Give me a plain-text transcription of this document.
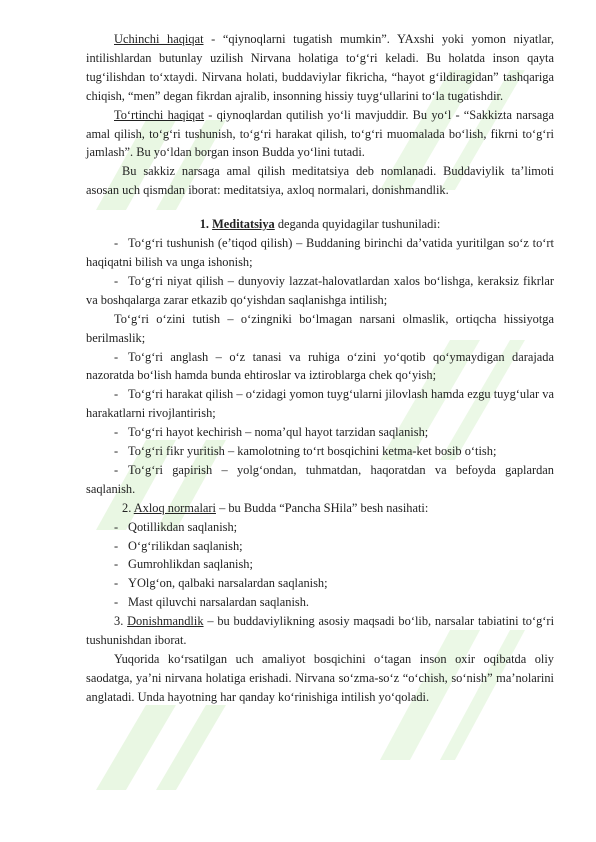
Uchinchi haqiqat - “qiynoqlarni tugatish mumkin”. YAxshi yoki yomon niyatlar, intilishlardan butunlay uzilish Nirvana holatiga to‘g‘ri keladi. Bu holatda inson qayta tug‘ilishdan to‘xtaydi. Nirvana holati, buddaviylar fikricha, “hayot g‘ildiragidan” tashqariga chiqish, “men” degan fikrdan ajralib, insonning hissiy tuyg‘ullarini to‘la tugatishdir.

To‘rtinchi haqiqat - qiynoqlardan qutilish yo‘li mavjuddir. Bu yo‘l - “Sakkizta narsaga amal qilish, to‘g‘ri tushunish, to‘g‘ri harakat qilish, to‘g‘ri muomalada bo‘lish, fikrni to‘g‘ri jamlash”. Bu yo‘ldan borgan inson Budda yo‘lini tutadi.

Bu sakkiz narsaga amal qilish meditatsiya deb nomlanadi. Buddaviylik ta’limoti asosan uch qismdan iborat: meditatsiya, axloq normalari, donishmandlik.

1. Meditatsiya deganda quyidagilar tushuniladi:

- To‘g‘ri tushunish (e’tiqod qilish) – Buddaning birinchi da’vatida yuritilgan so‘z to‘rt haqiqatni bilish va unga ishonish;

- To‘g‘ri niyat qilish – dunyoviy lazzat-halovatlardan xalos bo‘lishga, keraksiz fikrlar va boshqalarga zarar etkazib qo‘yishdan saqlanishga intilish;

To‘g‘ri o‘zini tutish – o‘zingniki bo‘lmagan narsani olmaslik, ortiqcha hissiyotga berilmaslik;

- To‘g‘ri anglash – o‘z tanasi va ruhiga o‘zini yo‘qotib qo‘ymaydigan darajada nazoratda bo‘lish hamda bunda ehtiroslar va iztiroblarga chek qo‘yish;

- To‘g‘ri harakat qilish – o‘zidagi yomon tuyg‘ularni jilovlash hamda ezgu tuyg‘ular va harakatlarni rivojlantirish;

- To‘g‘ri hayot kechirish – noma’qul hayot tarzidan saqlanish;

- To‘g‘ri fikr yuritish – kamolotning to‘rt bosqichini ketma-ket bosib o‘tish;

- To‘g‘ri gapirish – yolg‘ondan, tuhmatdan, haqoratdan va befoyda gaplardan saqlanish.

2. Axloq normalari – bu Budda “Pancha SHila” besh nasihati:

- Qotillikdan saqlanish;

- O‘g‘rilikdan saqlanish;

- Gumrohlikdan saqlanish;

- YOlg‘on, qalbaki narsalardan saqlanish;

- Mast qiluvchi narsalardan saqlanish.

3. Donishmandlik – bu buddaviylikning asosiy maqsadi bo‘lib, narsalar tabiatini to‘g‘ri tushunishdan iborat.

Yuqorida ko‘rsatilgan uch amaliyot bosqichini o‘tagan inson oxir oqibatda oliy saodatga, ya’ni nirvana holatiga erishadi. Nirvana so‘zma-so‘z “o‘chish, so‘nish” ma’nolarini anglatadi. Unda hayotning har qanday ko‘rinishiga intilish yo‘qoladi.
